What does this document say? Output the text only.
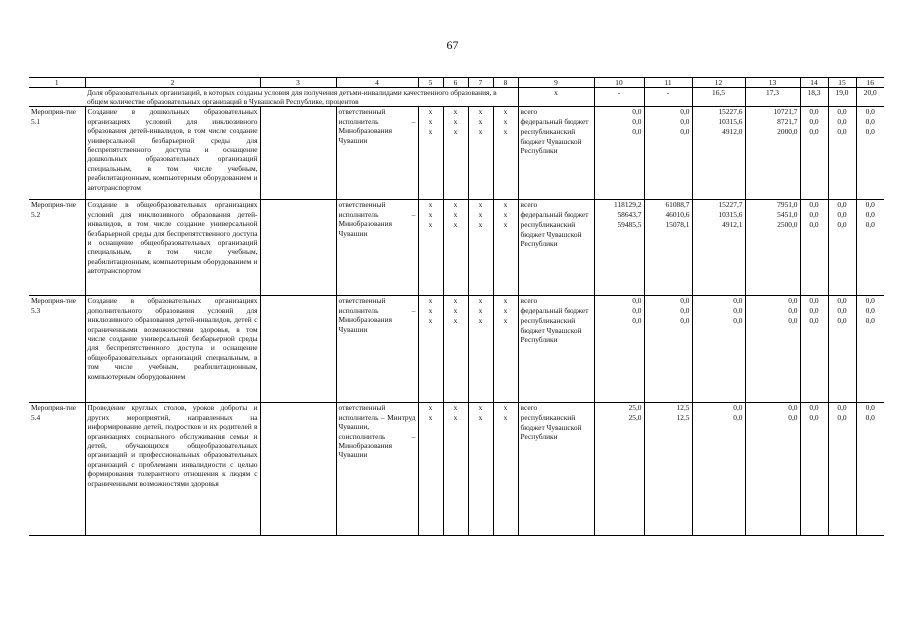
67
1	2	3	4	5	6	7	8	9	10	11	12	13	14	15	16
	Доля образовательных организаций, в которых созданы условия для получения детьми-инвалидами качественного образования, в общем количестве образовательных организаций в Чувашской Республике, процентов							x	-	-	16,5	17,3	18,3	19,0	20,0
Мероприя-тие 5.1	Создание в дошкольных образовательных организациях условий для инклюзивного образования детей-инвалидов, в том числе создание универсальной безбарьерной среды для беспрепятственного доступа и оснащение дошкольных образовательных организаций специальным, в том числе учебным, реабилитационным, компьютерным оборудованием и автотранспортом		ответственный исполнитель – Минобразования Чувашии	x	x	x	x	всего	0,0	0,0	15227,6	10721,7	0,0	0,0	0,0
				x	x	x	x	федеральный бюджет	0,0	0,0	10315,6	8721,7	0,0	0,0	0,0
				x	x	x	x	республиканский бюджет Чувашской Республики	0,0	0,0	4912,0	2000,0	0,0	0,0	0,0
Мероприя-тие 5.2	Создание в общеобразовательных организациях условий для инклюзивного образования детей-инвалидов, в том числе создание универсальной безбарьерной среды для беспрепятственного доступа и оснащение общеобразовательных организаций специальным, в том числе учебным, реабилитационным, компьютерным оборудованием и автотранспортом		ответственный исполнитель – Минобразования Чувашии	x	x	x	x	всего	118129,2	61088,7	15227,7	7951,0	0,0	0,0	0,0
				x	x	x	x	федеральный бюджет	58643,7	46010,6	10315,6	5451,0	0,0	0,0	0,0
				x	x	x	x	республиканский бюджет Чувашской Республики	59485,5	15078,1	4912,1	2500,0	0,0	0,0	0,0
Мероприя-тие 5.3	Создание в образовательных организациях дополнительного образования условий для инклюзивного образования детей-инвалидов, детей с ограниченными возможностями здоровья, в том числе создание универсальной безбарьерной среды для беспрепятственного доступа и оснащение общеобразовательных организаций специальным, в том числе учебным, реабилитационным, компьютерным оборудованием		ответственный исполнитель – Минобразования Чувашии	x	x	x	x	всего	0,0	0,0	0,0	0,0	0,0	0,0	0,0
				x	x	x	x	федеральный бюджет	0,0	0,0	0,0	0,0	0,0	0,0	0,0
				x	x	x	x	республиканский бюджет Чувашской Республики	0,0	0,0	0,0	0,0	0,0	0,0	0,0
Мероприя-тие 5.4	Проведение круглых столов, уроков доброты и других мероприятий, направленных на информирование детей, подростков и их родителей в организациях социального обслуживания семьи и детей, обучающихся общеобразовательных организаций и профессиональных образовательных организаций с проблемами инвалидности с целью формирования толерантного отношения к людям с ограниченными возможностями здоровья		ответственный исполнитель – Минтруд Чувашии, соисполнитель – Минобразования Чувашии	x	x	x	x	всего	25,0	12,5	0,0	0,0	0,0	0,0	0,0
				x	x	x	x	республиканский бюджет Чувашской Республики	25,0	12,5	0,0	0,0	0,0	0,0	0,0
